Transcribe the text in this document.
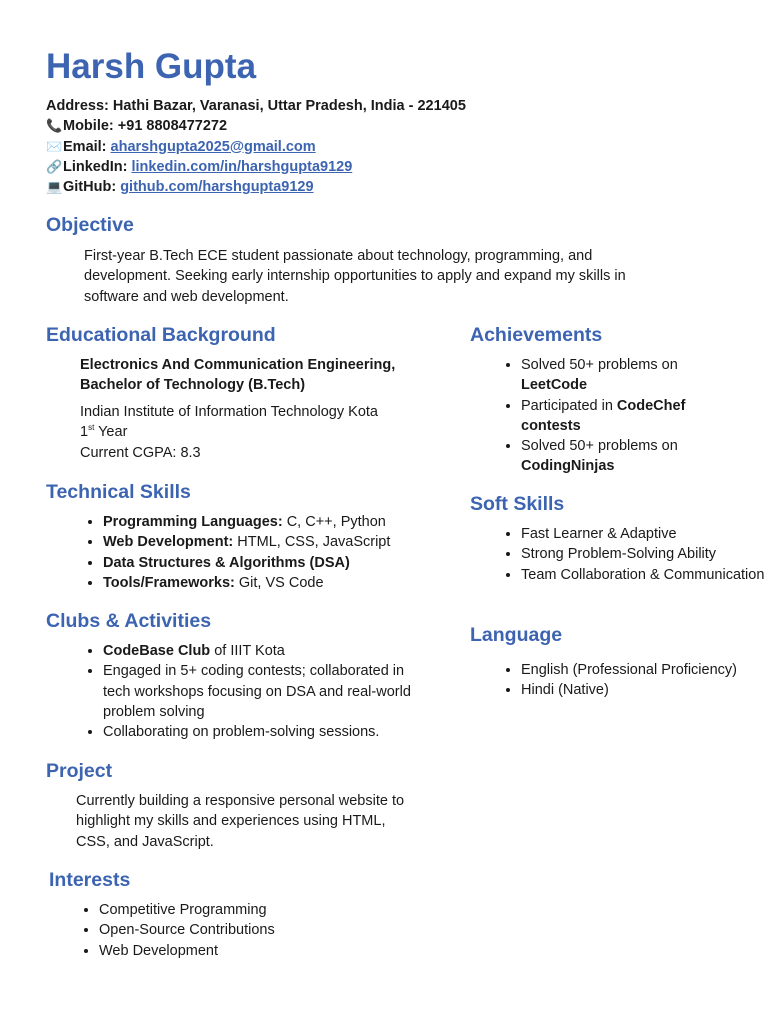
Harsh Gupta
Address: Hathi Bazar, Varanasi, Uttar Pradesh, India - 221405
📞Mobile: +91 8808477272
✉️Email: aharshgupta2025@gmail.com
🔗LinkedIn: linkedin.com/in/harshgupta9129
💻GitHub: github.com/harshgupta9129
Objective

First-year B.Tech ECE student passionate about technology, programming, and development. Seeking early internship opportunities to apply and expand my skills in software and web development.

Educational Background

Electronics And Communication Engineering, Bachelor of Technology (B.Tech)

Indian Institute of Information Technology Kota
1st Year
Current CGPA: 8.3
Technical Skills
• Programming Languages: C, C++, Python
• Web Development: HTML, CSS, JavaScript
• Data Structures & Algorithms (DSA)
• Tools/Frameworks: Git, VS Code
Clubs & Activities
• CodeBase Club of IIIT Kota
• Engaged in 5+ coding contests; collaborated in tech workshops focusing on DSA and real-world problem solving
• Collaborating on problem-solving sessions.
Project

Currently building a responsive personal website to highlight my skills and experiences using HTML, CSS, and JavaScript.

Interests
• Competitive Programming
• Open-Source Contributions
• Web Development
Achievements
• Solved 50+ problems on LeetCode
• Participated in CodeChef contests
• Solved 50+ problems on CodingNinjas
Soft Skills
• Fast Learner & Adaptive
• Strong Problem-Solving Ability
• Team Collaboration & Communication
Language
• English (Professional Proficiency)
• Hindi (Native)
